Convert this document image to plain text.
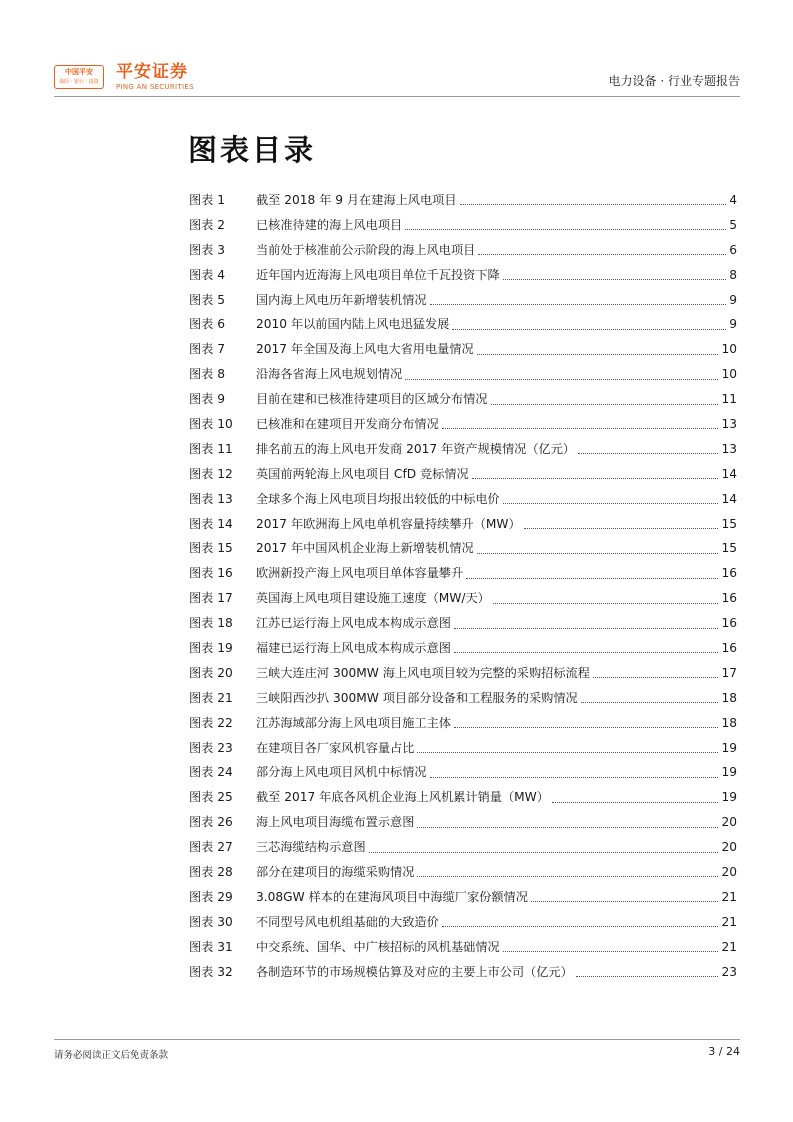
中国平安
保险 · 银行 · 投资 平安证券
PING AN SECURITIES	电力设备 · 行业专题报告
图表目录
图表 1	截至 2018 年 9 月在建海上风电项目	4
图表 2	已核准待建的海上风电项目	5
图表 3	当前处于核准前公示阶段的海上风电项目	6
图表 4	近年国内近海海上风电项目单位千瓦投资下降	8
图表 5	国内海上风电历年新增装机情况	9
图表 6	2010 年以前国内陆上风电迅猛发展	9
图表 7	2017 年全国及海上风电大省用电量情况	10
图表 8	沿海各省海上风电规划情况	10
图表 9	目前在建和已核准待建项目的区域分布情况	11
图表 10	已核准和在建项目开发商分布情况	13
图表 11	排名前五的海上风电开发商 2017 年资产规模情况（亿元）	13
图表 12	英国前两轮海上风电项目 CfD 竞标情况	14
图表 13	全球多个海上风电项目均报出较低的中标电价	14
图表 14	2017 年欧洲海上风电单机容量持续攀升（MW）	15
图表 15	2017 年中国风机企业海上新增装机情况	15
图表 16	欧洲新投产海上风电项目单体容量攀升	16
图表 17	英国海上风电项目建设施工速度（MW/天）	16
图表 18	江苏已运行海上风电成本构成示意图	16
图表 19	福建已运行海上风电成本构成示意图	16
图表 20	三峡大连庄河 300MW 海上风电项目较为完整的采购招标流程	17
图表 21	三峡阳西沙扒 300MW 项目部分设备和工程服务的采购情况	18
图表 22	江苏海域部分海上风电项目施工主体	18
图表 23	在建项目各厂家风机容量占比	19
图表 24	部分海上风电项目风机中标情况	19
图表 25	截至 2017 年底各风机企业海上风机累计销量（MW）	19
图表 26	海上风电项目海缆布置示意图	20
图表 27	三芯海缆结构示意图	20
图表 28	部分在建项目的海缆采购情况	20
图表 29	3.08GW 样本的在建海风项目中海缆厂家份额情况	21
图表 30	不同型号风电机组基础的大致造价	21
图表 31	中交系统、国华、中广核招标的风机基础情况	21
图表 32	各制造环节的市场规模估算及对应的主要上市公司（亿元）	23
请务必阅读正文后免责条款	3 / 24
